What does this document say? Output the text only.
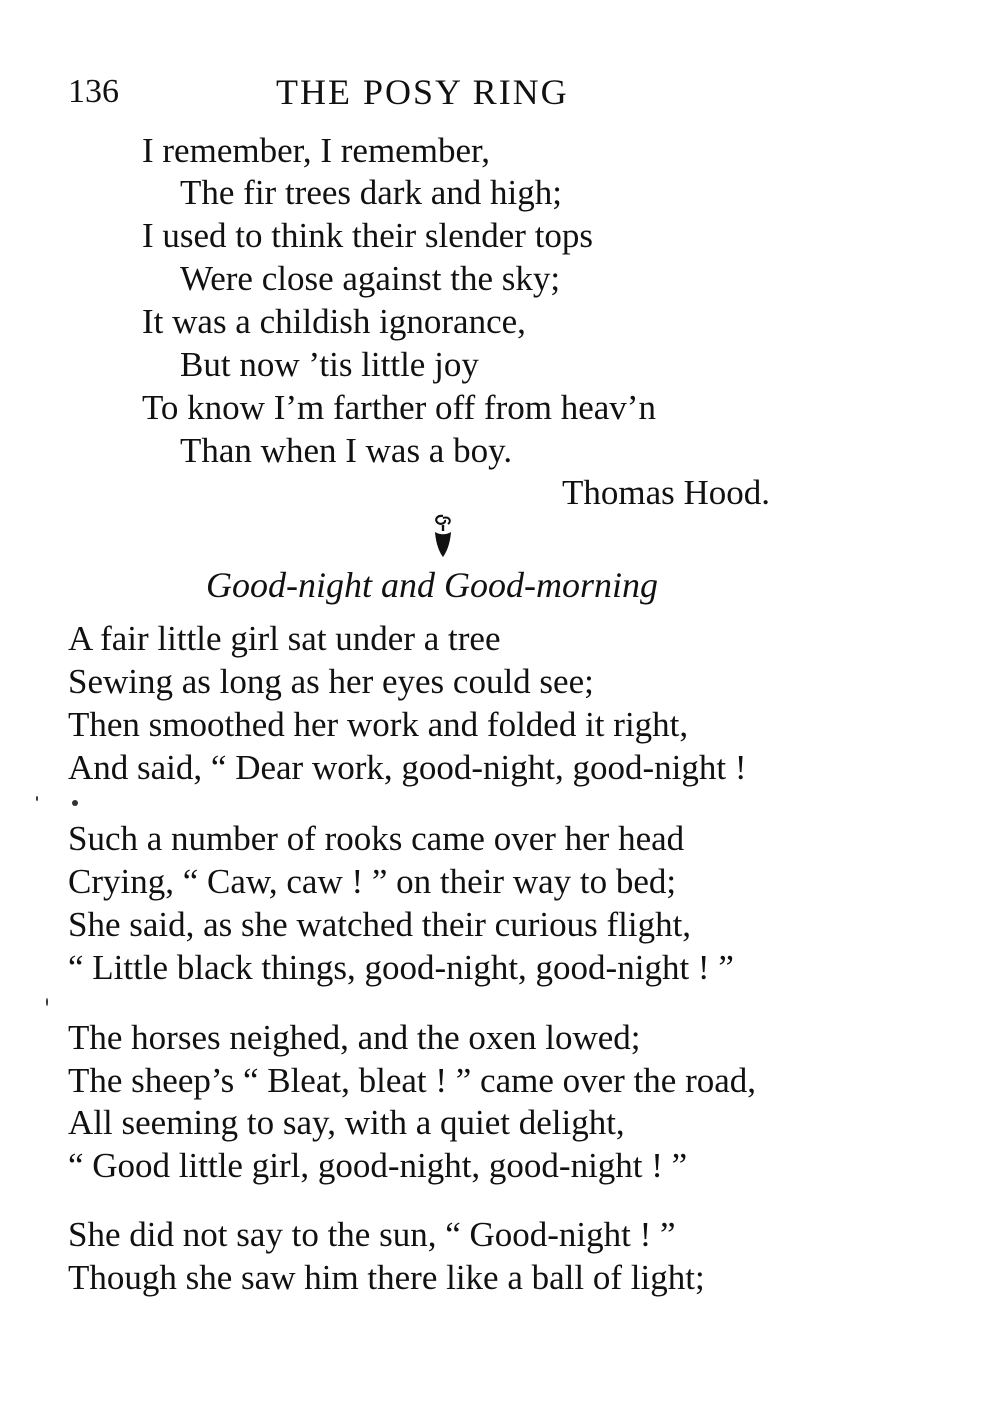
136	THE POSY RING
I remember, I remember,
The fir trees dark and high;
I used to think their slender tops
Were close against the sky;
It was a childish ignorance,
But now ’tis little joy
To know I’m farther off from heav’n
Than when I was a boy.
Thomas Hood.
Good-night and Good-morning
A fair little girl sat under a tree
Sewing as long as her eyes could see;
Then smoothed her work and folded it right,
And said, “ Dear work, good-night, good-night !
Such a number of rooks came over her head
Crying, “ Caw, caw ! ” on their way to bed;
She said, as she watched their curious flight,
“ Little black things, good-night, good-night ! ”
The horses neighed, and the oxen lowed;
The sheep’s “ Bleat, bleat ! ” came over the road,
All seeming to say, with a quiet delight,
“ Good little girl, good-night, good-night ! ”
She did not say to the sun, “ Good-night ! ”
Though she saw him there like a ball of light;
